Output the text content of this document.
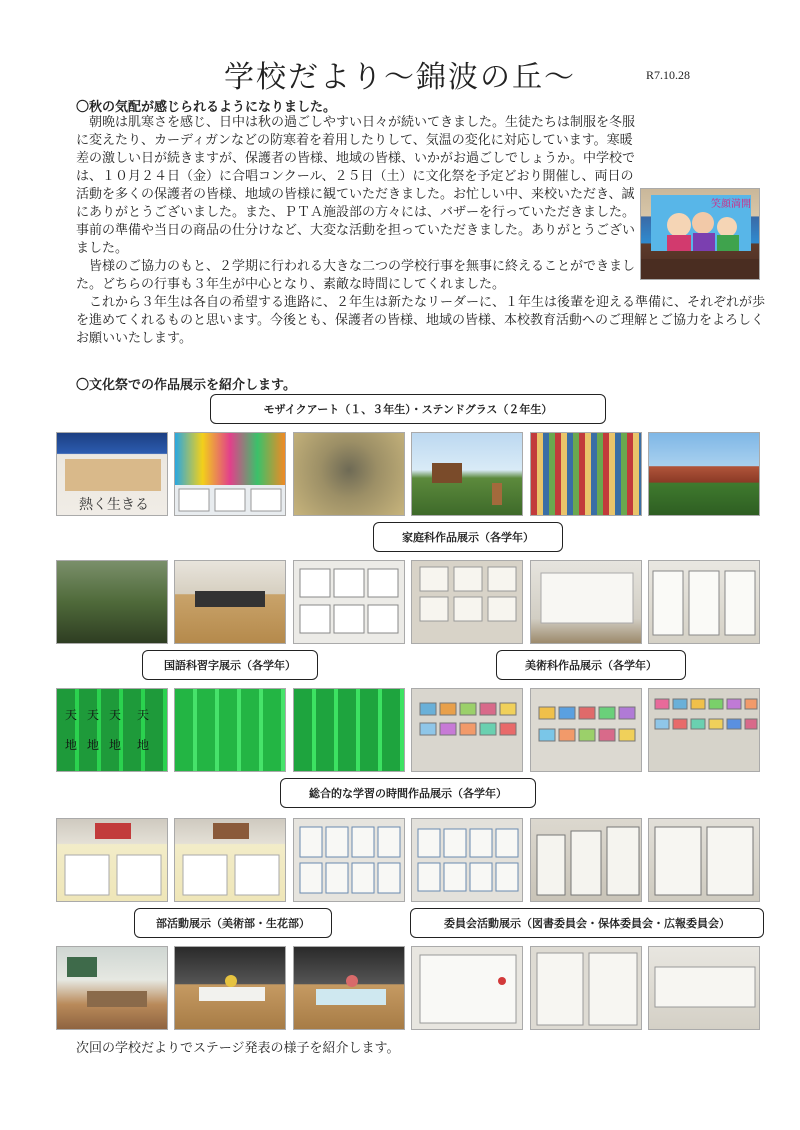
学校だより～錦波の丘～	R7.10.28
〇秋の気配が感じられるようになりました。
笑顔満開

朝晩は肌寒さを感じ、日中は秋の過ごしやすい日々が続いてきました。生徒たちは制服を冬服に変えたり、カーディガンなどの防寒着を着用したりして、気温の変化に対応しています。寒暖差の激しい日が続きますが、保護者の皆様、地域の皆様、いかがお過ごしでしょうか。中学校では、１０月２４日（金）に合唱コンクール、２５日（土）に文化祭を予定どおり開催し、両日の活動を多くの保護者の皆様、地域の皆様に観ていただきました。お忙しい中、来校いただき、誠にありがとうございました。また、ＰＴＡ施設部の方々には、バザーを行っていただきました。事前の準備や当日の商品の仕分けなど、大変な活動を担っていただきました。ありがとうございました。

皆様のご協力のもと、２学期に行われる大きな二つの学校行事を無事に終えることができました。どちらの行事も３年生が中心となり、素敵な時間にしてくれました。

これから３年生は各自の希望する進路に、２年生は新たなリーダーに、１年生は後輩を迎える準備に、それぞれが歩を進めてくれるものと思います。今後とも、保護者の皆様、地域の皆様、本校教育活動へのご理解とご協力をよろしくお願いいたします。

〇文化祭での作品展示を紹介します。
モザイクアート（１、３年生）・ステンドグラス（２年生）
熱く生きる
家庭科作品展示（各学年）
国語科習字展示（各学年）	美術科作品展示（各学年）
天 天 天 天
地 地 地 地
総合的な学習の時間作品展示（各学年）
部活動展示（美術部・生花部）	委員会活動展示（図書委員会・保体委員会・広報委員会）
次回の学校だよりでステージ発表の様子を紹介します。
